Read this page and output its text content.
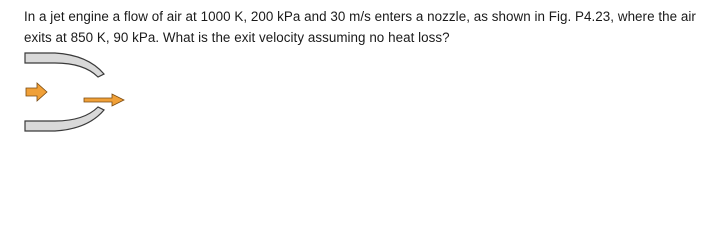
In a jet engine a flow of air at 1000 K, 200 kPa and 30 m/s enters a nozzle, as shown in Fig. P4.23, where the air exits at 850 K, 90 kPa. What is the exit velocity assuming no heat loss?
